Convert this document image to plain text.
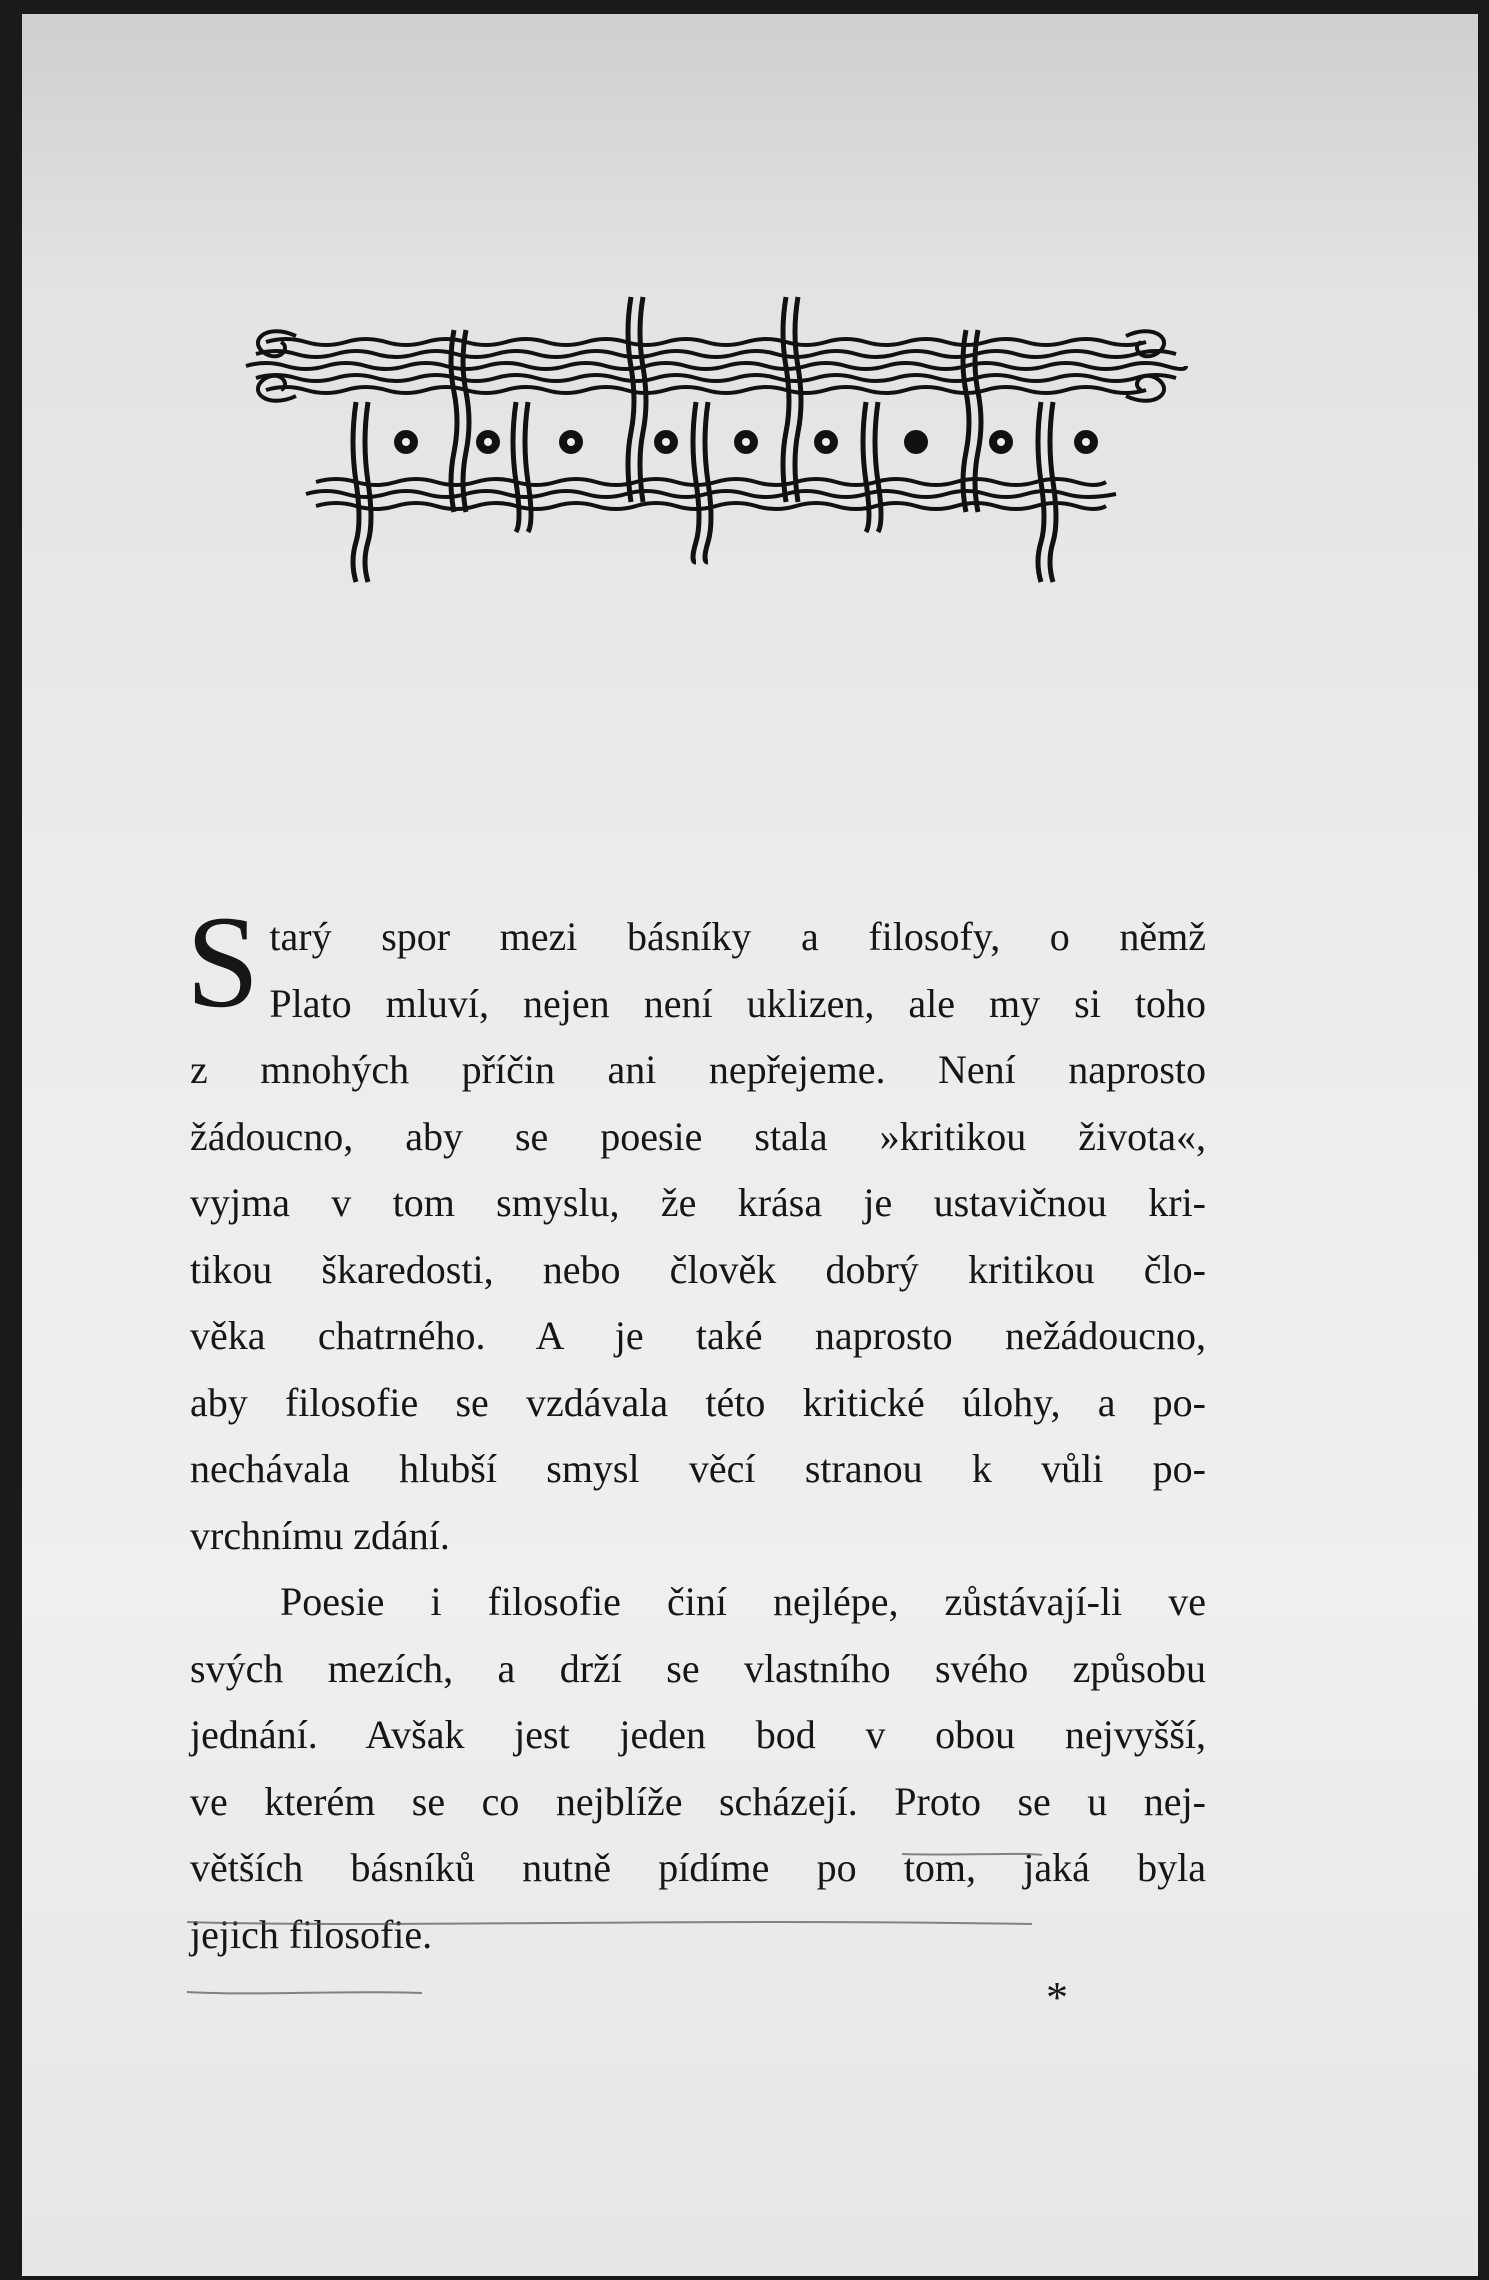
S tarý spor mezi básníky a filosofy, o němž
Plato mluví, nejen není uklizen, ale my si toho
z mnohých příčin ani nepřejeme. Není naprosto
žádoucno, aby se poesie stala »kritikou života«,
vyjma v tom smyslu, že krása je ustavičnou kri-
tikou škaredosti, nebo člověk dobrý kritikou člo-
věka chatrného. A je také naprosto nežádoucno,
aby filosofie se vzdávala této kritické úlohy, a po-
nechávala hlubší smysl věcí stranou k vůli po-
vrchnímu zdání.
Poesie i filosofie činí nejlépe, zůstávají-li ve
svých mezích, a drží se vlastního svého způsobu
jednání. Avšak jest jeden bod v obou nejvyšší,
ve kterém se co nejblíže scházejí. Proto se u nej-
větších básníků nutně pídíme po tom, jaká byla
jejich filosofie.
*
